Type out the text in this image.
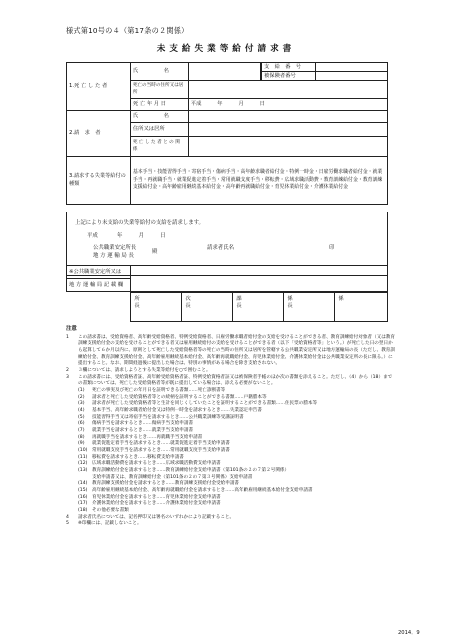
様式第10号の４（第17条の２関係）
未支給失業等給付請求書
1.死 亡 し た 者	氏　　　名		
	死亡の当時の住所又は居所		

	死 亡 年 月 日	平成　　　年　　　月　　　日	
2.請　求　者	氏　　　名		
	住所又は居所		
	死 亡 し た 者 と の 関 係		
3.請求する失業等給付の種類	基本手当・技能習得手当・寄宿手当・傷病手当・高年齢求職者給付金・特例一時金・日雇労働求職者給付金・就業手当・再就職手当・就業促進定着手当・常用就職支度手当・移転費・広域求職活動費・教育訓練給付金・教育訓練支援給付金・高年齢雇用継続基本給付金・高年齢再就職給付金・育児休業給付金・介護休業給付金		
支　給　番　号	
被保険者番号	
上記により未支給の失業等給付の支給を請求します。
平成	年　　　月　　　日
公共職業安定所長
地 方 運 輸 局 長
殿
請求者氏名	印
※公共職業安定所又は	
地 方 運 輸 局 記 載 欄
所長
次長
課長
係長
係
注意
1 この請求書は、受給資格者、高年齢受給資格者、特例受給資格者、日雇労働求職者給付金の支給を受けることができる者、教育訓練給付対象者（又は教育訓練支援給付金の支給を受けることができる者又は雇用継続給付の支給を受けることができる者（以下「受給資格者等」という。）が死亡した日の翌日から起算して６か月以内に、原則として死亡した受給資格者等の死亡の当時の住所又は居所を管轄する公共職業安定所又は地方運輸局の長（ただし、教育訓練給付金、教育訓練支援給付金、高年齢雇用継続基本給付金、高年齢再就職給付金、育児休業給付金、介護休業給付金は公共職業安定所の長に限る。）に提出すること。なお、期間経過後に提出した場合は、特別の事情がある場合を除き支給されない。
2 ３欄については、請求しようとする失業等給付を○で囲むこと。
3 この請求書には、受給資格者証、高年齢受給資格者証、特例受給資格者証又は被保険者手帳のほか次の書類を添えること。ただし、（4）から（18）までの書類については、死亡した受給資格者等が既に提出している場合は、添える必要がないこと。
(1) 死亡の事実及び死亡の年月日を証明できる書類……死亡診断書等
(2) 請求者と死亡した受給資格者等との続柄を証明することができる書類……戸籍謄本等
(3) 請求者が死亡した受給資格者等と生計を同じくしていたことを証明することができる書類……住民票の謄本等
(4) 基本手当、高年齢求職者給付金又は特例一時金を請求するとき……失業認定申告書
(5) 技能習得手当又は寄宿手当を請求するとき……公共職業訓練等受講証明書
(6) 傷病手当を請求するとき……傷病手当支給申請書
(7) 就業手当を請求するとき……就業手当支給申請書
(8) 再就職手当を請求するとき……再就職手当支給申請書
(9) 就業促進定着手当を請求するとき……就業促進定着手当支給申請書
(10) 常用就職支度手当を請求するとき……常用就職支度手当支給申請書
(11) 移転費を請求するとき……移転費支給申請書
(12) 広域求職活動費を請求するとき……広域求職活動費支給申請書
(13) 教育訓練給付金を請求するとき……教育訓練給付金支給申請書（第101条の２の７第２号関係）
支給申請書又は、教育訓練給付金（第101条の２の７第３号関係）支給申請書
(14) 教育訓練支援給付金を請求するとき……教育訓練支援給付金受給申請書
(15) 高年齢雇用継続基本給付金、高年齢再就職給付金を請求するとき……高年齢雇用継続基本給付金支給申請書
(16) 育児休業給付金を請求するとき……育児休業給付金支給申請書
(17) 介護休業給付金を請求するとき……介護休業給付金支給申請書
(18) その他必要な書類
4 請求者氏名については、記名押印又は署名のいずれかにより記載すること。
5 ※印欄には、記載しないこと。
2014．9
